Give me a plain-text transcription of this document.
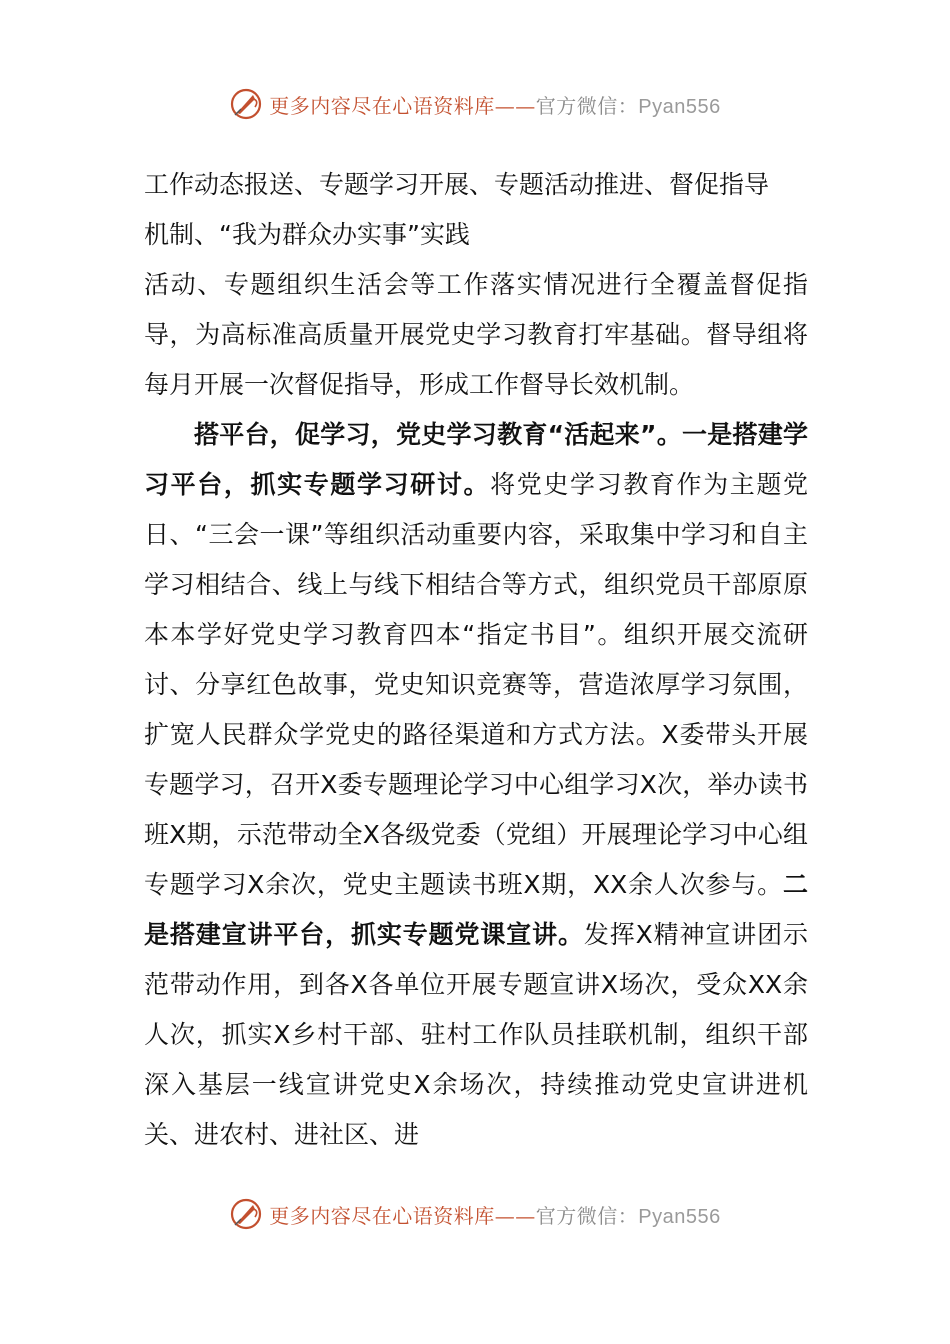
更多内容尽在心语资料库——官方微信：Pyan556

工作动态报送、专题学习开展、专题活动推进、督促指导

机制、“我为群众办实事”实践

活动、专题组织生活会等工作落实情况进行全覆盖督促指导，为高标准高质量开展党史学习教育打牢基础。督导组将每月开展一次督促指导，形成工作督导长效机制。

搭平台，促学习，党史学习教育“活起来”。一是搭建学习平台，抓实专题学习研讨。将党史学习教育作为主题党日、“三会一课”等组织活动重要内容，采取集中学习和自主学习相结合、线上与线下相结合等方式，组织党员干部原原本本学好党史学习教育四本“指定书目”。组织开展交流研讨、分享红色故事，党史知识竞赛等，营造浓厚学习氛围，扩宽人民群众学党史的路径渠道和方式方法。X委带头开展专题学习，召开X委专题理论学习中心组学习X次，举办读书班X期，示范带动全X各级党委（党组）开展理论学习中心组专题学习X余次，党史主题读书班X期，XX余人次参与。二是搭建宣讲平台，抓实专题党课宣讲。发挥X精神宣讲团示范带动作用，到各X各单位开展专题宣讲X场次，受众XX余人次，抓实X乡村干部、驻村工作队员挂联机制，组织干部深入基层一线宣讲党史X余场次，持续推动党史宣讲进机关、进农村、进社区、进

更多内容尽在心语资料库——官方微信：Pyan556
